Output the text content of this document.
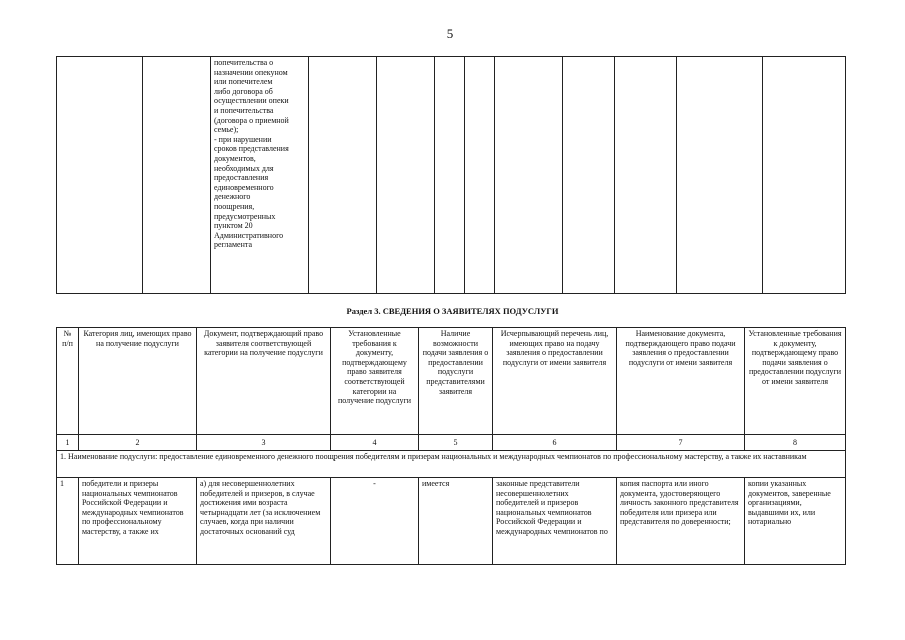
5
		попечительства о
назначении опекуном
или попечителем
либо договора об
осуществлении опеки
и попечительства
(договора о приемной
семье);
- при нарушении
сроков представления
документов,
необходимых для
предоставления
единовременного
денежного
поощрения,
предусмотренных
пунктом 20
Административного
регламента									
Раздел 3. СВЕДЕНИЯ О ЗАЯВИТЕЛЯХ ПОДУСЛУГИ
№ п/п	Категория лиц, имеющих право на получение подуслуги	Документ, подтверждающий право заявителя соответствующей категории на получение подуслуги	Установленные требования к документу, подтверждающему право заявителя соответствующей категории на получение подуслуги	Наличие возможности подачи заявления о предоставлении подуслуги представителями заявителя	Исчерпывающий перечень лиц, имеющих право на подачу заявления о предоставлении подуслуги от имени заявителя	Наименование документа, подтверждающего право подачи заявления о предоставлении подуслуги от имени заявителя	Установленные требования к документу, подтверждающему право подачи заявления о предоставлении подуслуги от имени заявителя
1	2	3	4	5	6	7	8
1. Наименование подуслуги: предоставление единовременного денежного поощрения победителям и призерам национальных и международных чемпионатов по профессиональному мастерству, а также их наставникам							
1	победители и призеры национальных чемпионатов Российской Федерации и международных чемпионатов по профессиональному мастерству, а также их	а) для несовершеннолетних победителей и призеров, в случае достижения ими возраста четырнадцати лет (за исключением случаев, когда при наличии достаточных оснований суд	-	имеется	законные представители несовершеннолетних победителей и призеров национальных чемпионатов Российской Федерации и международных чемпионатов по	копия паспорта или иного документа, удостоверяющего личность законного представителя победителя или призера или представителя по доверенности;	копии указанных документов, заверенные организациями, выдавшими их, или нотариально
